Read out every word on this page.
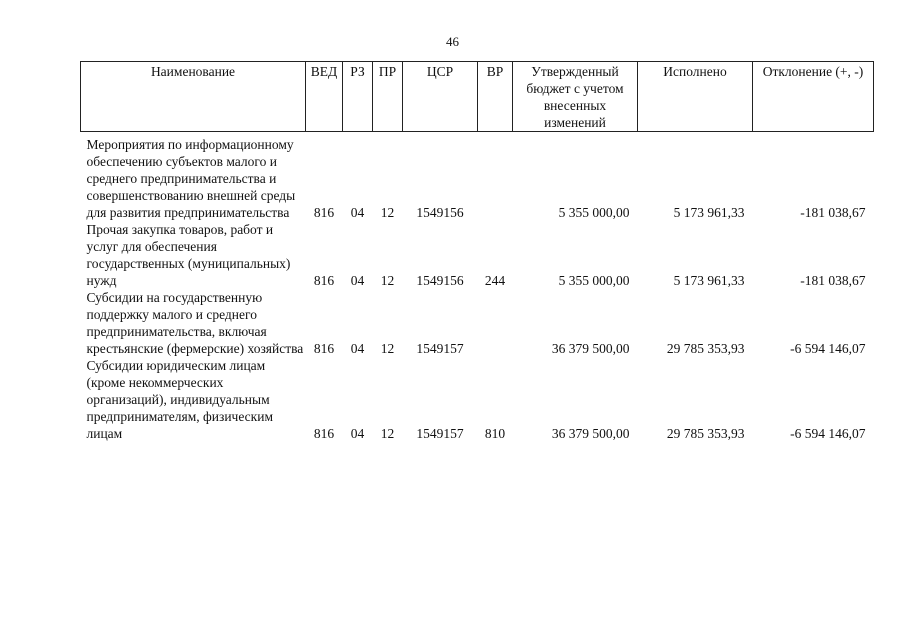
46
Наименование	ВЕД	РЗ	ПР	ЦСР	ВР	Утвержденный бюджет с учетом внесенных изменений	Исполнено	Отклонение (+, -)

Мероприятия по информационному обеспечению субъектов малого и среднего предпринимательства и совершенствованию внешней среды для развития предпринимательства	816	04	12	1549156		5 355 000,00	5 173 961,33	-181 038,67
Прочая закупка товаров, работ и услуг для обеспечения государственных (муниципальных) нужд	816	04	12	1549156	244	5 355 000,00	5 173 961,33	-181 038,67
Субсидии на государственную поддержку малого и среднего предпринимательства, включая крестьянские (фермерские) хозяйства	816	04	12	1549157		36 379 500,00	29 785 353,93	-6 594 146,07
Субсидии юридическим лицам (кроме некоммерческих организаций), индивидуальным предпринимателям, физическим лицам	816	04	12	1549157	810	36 379 500,00	29 785 353,93	-6 594 146,07
